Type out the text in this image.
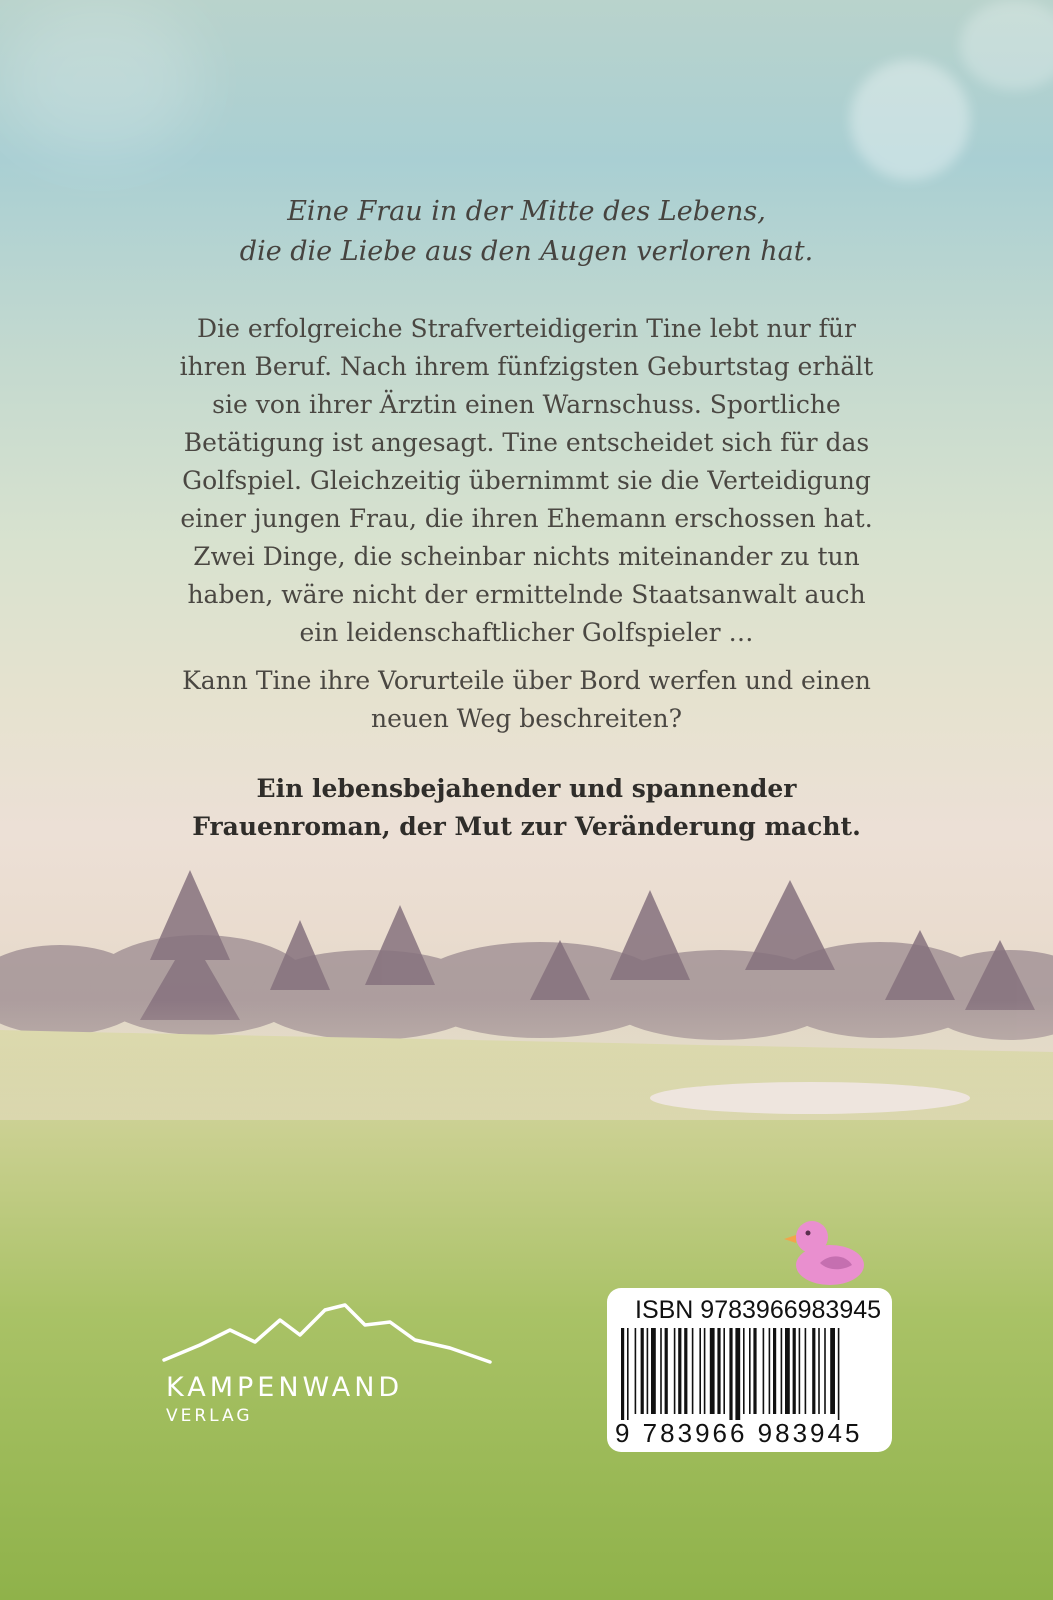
Eine Frau in der Mitte des Lebens,
die die Liebe aus den Augen verloren hat.
Die erfolgreiche Strafverteidigerin Tine lebt nur für
ihren Beruf. Nach ihrem fünfzigsten Geburtstag erhält
sie von ihrer Ärztin einen Warnschuss. Sportliche
Betätigung ist angesagt. Tine entscheidet sich für das
Golfspiel. Gleichzeitig übernimmt sie die Verteidigung
einer jungen Frau, die ihren Ehemann erschossen hat.
Zwei Dinge, die scheinbar nichts miteinander zu tun
haben, wäre nicht der ermittelnde Staatsanwalt auch
ein leidenschaftlicher Golfspieler …
Kann Tine ihre Vorurteile über Bord werfen und einen
neuen Weg beschreiten?
Ein lebensbejahender und spannender
Frauenroman, der Mut zur Veränderung macht.
KAMPENWAND
VERLAG
ISBN 9783966983945
9 783966 983945
